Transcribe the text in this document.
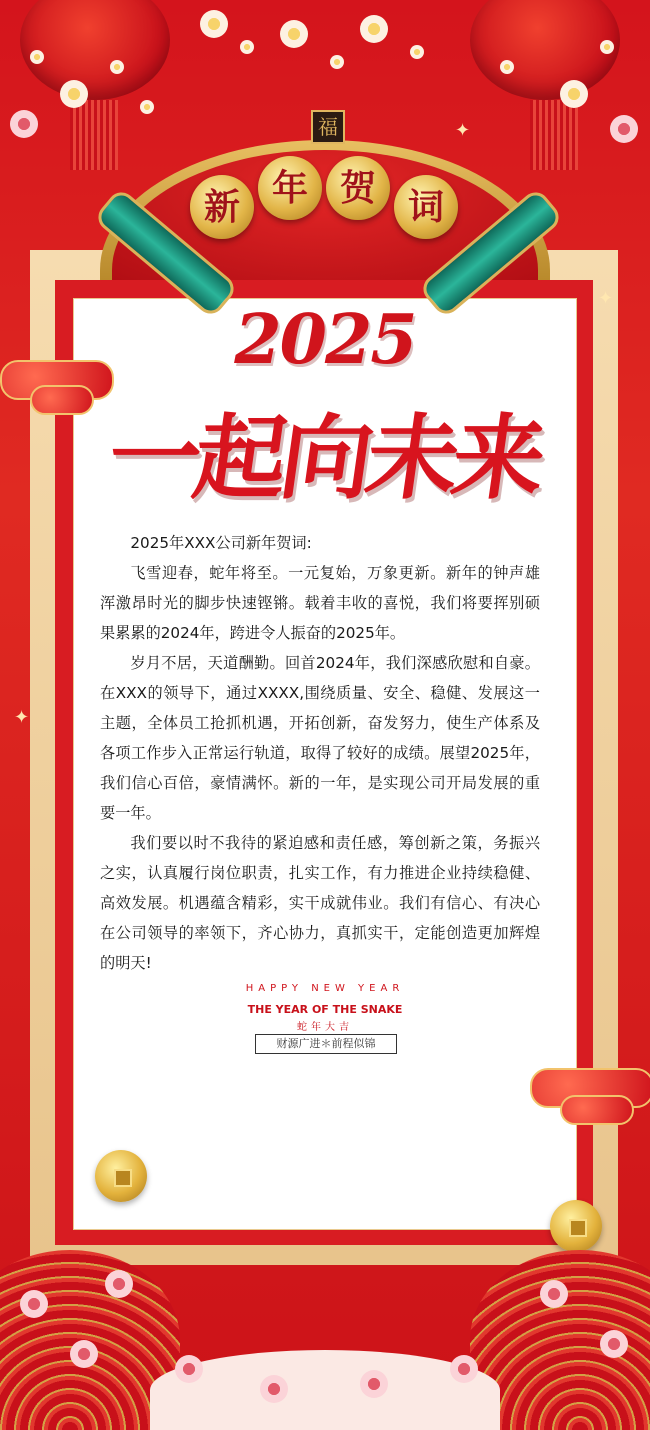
福
新 年 贺 词
2025
一起向未来

2025年XXX公司新年贺词:

飞雪迎春，蛇年将至。一元复始，万象更新。新年的钟声雄浑激昂时光的脚步快速铿锵。载着丰收的喜悦，我们将要挥别硕果累累的2024年，跨进令人振奋的2025年。

岁月不居，天道酬勤。回首2024年，我们深感欣慰和自豪。在XXX的领导下，通过XXXX,围绕质量、安全、稳健、发展这一主题，全体员工抢抓机遇，开拓创新，奋发努力，使生产体系及各项工作步入正常运行轨道，取得了较好的成绩。展望2025年，我们信心百倍，豪情满怀。新的一年，是实现公司开局发展的重要一年。

我们要以时不我待的紧迫感和责任感，筹创新之策，务振兴之实，认真履行岗位职责，扎实工作，有力推进企业持续稳健、高效发展。机遇蕴含精彩，实干成就伟业。我们有信心、有决心在公司领导的率领下，齐心协力，真抓实干，定能创造更加辉煌的明天!

HAPPY NEW YEAR
THE YEAR OF THE SNAKE
蛇年大吉
财源广进＊前程似锦
✦
✦
✦
